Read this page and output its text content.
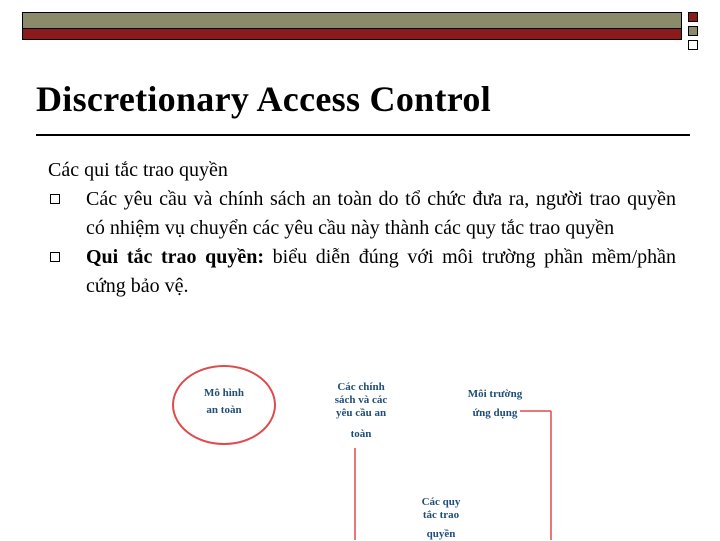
Discretionary Access Control

Các qui tắc trao quyền

Các yêu cầu và chính sách an toàn do tổ chức đưa ra, người trao quyền có nhiệm vụ chuyển các yêu cầu này thành các quy tắc trao quyền
Qui tắc trao quyền: biểu diễn đúng với môi trường phần mềm/phần cứng bảo vệ.
Mô hình
an toàn
Các chính
sách và các
yêu cầu an
toàn
Môi trường
ứng dụng
Các quy
tắc trao
quyền
